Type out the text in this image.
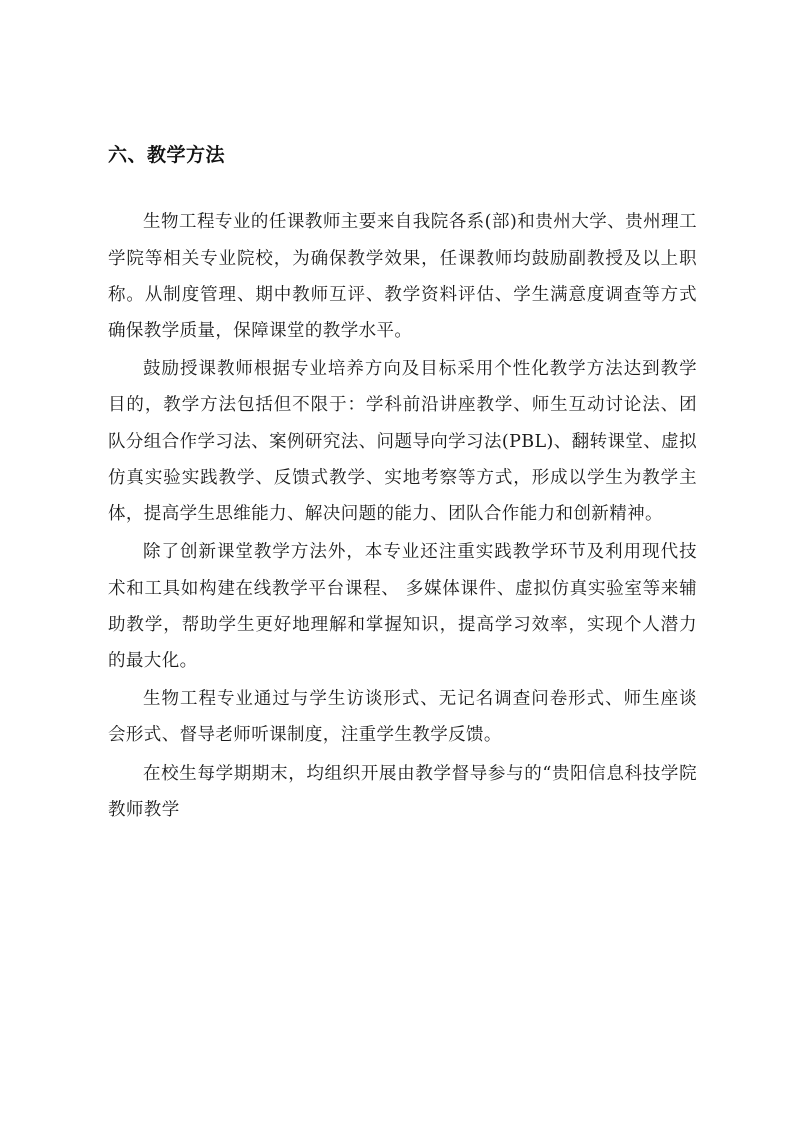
六、教学方法

生物工程专业的任课教师主要来自我院各系(部)和贵州大学、贵州理工学院等相关专业院校，为确保教学效果，任课教师均鼓励副教授及以上职称。从制度管理、期中教师互评、教学资料评估、学生满意度调查等方式确保教学质量，保障课堂的教学水平。

鼓励授课教师根据专业培养方向及目标采用个性化教学方法达到教学目的，教学方法包括但不限于：学科前沿讲座教学、师生互动讨论法、团队分组合作学习法、案例研究法、问题导向学习法(PBL)、翻转课堂、虚拟仿真实验实践教学、反馈式教学、实地考察等方式，形成以学生为教学主体，提高学生思维能力、解决问题的能力、团队合作能力和创新精神。

除了创新课堂教学方法外，本专业还注重实践教学环节及利用现代技术和工具如构建在线教学平台课程、 多媒体课件、虚拟仿真实验室等来辅助教学，帮助学生更好地理解和掌握知识，提高学习效率，实现个人潜力的最大化。

生物工程专业通过与学生访谈形式、无记名调查问卷形式、师生座谈会形式、督导老师听课制度，注重学生教学反馈。

在校生每学期期末，均组织开展由教学督导参与的“贵阳信息科技学院教师教学
